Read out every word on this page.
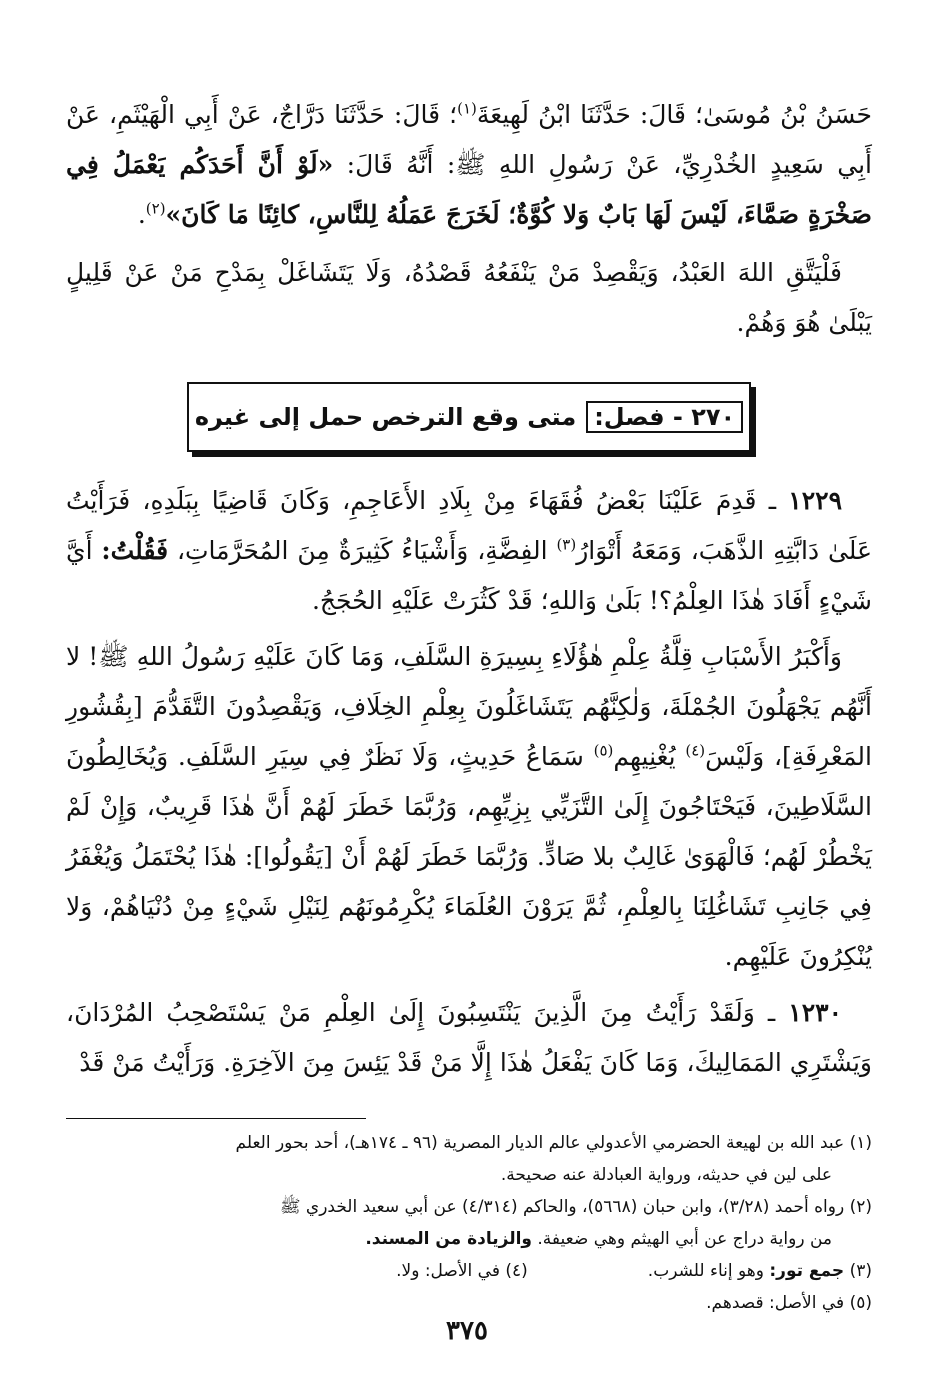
حَسَنُ بْنُ مُوسَىٰ؛ قَالَ: حَدَّثَنَا ابْنُ لَهِيعَةَ$^{(١)}$؛ قَالَ: حَدَّثَنَا دَرَّاجٌ، عَنْ أَبِي الْهَيْثَمِ، عَنْ أَبِي سَعِيدٍ الخُدْرِيِّ، عَنْ رَسُولِ اللهِ ﷺ: أَنَّهُ قَالَ: «لَوْ أَنَّ أَحَدَكُم يَعْمَلُ فِي صَخْرَةٍ صَمَّاءَ، لَيْسَ لَهَا بَابٌ وَلا كُوَّةٌ؛ لَخَرَجَ عَمَلُهُ لِلنَّاسِ، كائِنًا مَا كَانَ»$^{(٢)}$.

فَلْيَتَّقِ اللهَ العَبْدُ، وَيَقْصِدْ مَنْ يَنْفَعُهُ قَصْدُهُ، وَلَا يَتَشَاغَلْ بِمَدْحِ مَنْ عَنْ قَلِيلٍ يَبْلَىٰ هُوَ وَهُمْ.

٢٧٠ - فصل:
متى وقع الترخص حمل إلى غيره

١٢٢٩ ـ قَدِمَ عَلَيْنَا بَعْضُ فُقَهَاءَ مِنْ بِلَادِ الأَعَاجِمِ، وَكَانَ قَاضِيًا بِبَلَدِهِ، فَرَأَيْتُ عَلَىٰ دَابَّتِهِ الذَّهَبَ، وَمَعَهُ أَتْوَارُ$^{(٣)}$ الفِضَّةِ، وَأَشْيَاءُ كَثِيرَةٌ مِنَ المُحَرَّمَاتِ، فَقُلْتُ: أَيَّ شَيْءٍ أَفَادَ هٰذَا العِلْمُ؟! بَلَىٰ وَاللهِ؛ قَدْ كَثُرَتْ عَلَيْهِ الحُجَجُ.

وَأَكْبَرُ الأَسْبَابِ قِلَّةُ عِلْمِ هٰؤُلَاءِ بِسِيرَةِ السَّلَفِ، وَمَا كَانَ عَلَيْهِ رَسُولُ اللهِ ﷺ! لا أَنَّهُم يَجْهَلُونَ الجُمْلَةَ، وَلٰكِنَّهُم يَتَشَاغَلُونَ بِعِلْمِ الخِلَافِ، وَيَقْصِدُونَ التَّقَدُّمَ [بِقُشُورِ المَعْرِفَةِ]، وَلَيْسَ$^{(٤)}$ يُغْنِيهِم$^{(٥)}$ سَمَاعُ حَدِيثٍ، وَلَا نَظَرٌ فِي سِيَرِ السَّلَفِ. وَيُخَالِطُونَ السَّلَاطِينَ، فَيَحْتَاجُونَ إِلَىٰ التَّزَيِّي بِزِيِّهِم، وَرُبَّمَا خَطَرَ لَهُمْ أَنَّ هٰذَا قَرِيبٌ، وَإِنْ لَمْ يَخْطُرْ لَهُم؛ فَالْهَوَىٰ غَالِبٌ بلا صَادٍّ. وَرُبَّمَا خَطَرَ لَهُمْ أَنْ [يَقُولُوا]: هٰذَا يُحْتَمَلُ وَيُغْفَرُ فِي جَانِبِ تَشَاغُلِنَا بِالعِلْمِ، ثُمَّ يَرَوْنَ العُلَمَاءَ يُكْرِمُونَهُم لِنَيْلِ شَيْءٍ مِنْ دُنْيَاهُمْ، وَلا يُنْكِرُونَ عَلَيْهِم.

١٢٣٠ ـ وَلَقَدْ رَأَيْتُ مِنَ الَّذِينَ يَنْتَسِبُونَ إِلَىٰ العِلْمِ مَنْ يَسْتَصْحِبُ المُرْدَانَ، وَيَشْتَرِي المَمَالِيكَ، وَمَا كَانَ يَفْعَلُ هٰذَا إِلَّا مَنْ قَدْ يَئِسَ مِنَ الآخِرَةِ. وَرَأَيْتُ مَنْ قَدْ

(١) عبد الله بن لهيعة الحضرمي الأعدولي عالم الديار المصرية (٩٦ ـ ١٧٤هـ)، أحد بحور العلم

على لين في حديثه، ورواية العبادلة عنه صحيحة.

(٢) رواه أحمد (٣/٢٨)، وابن حبان (٥٦٦٨)، والحاكم (٤/٣١٤) عن أبي سعيد الخدري ﷺ

من رواية دراج عن أبي الهيثم وهي ضعيفة. والزيادة من المسند.

(٣) جمع تور: وهو إناء للشرب.
(٤) في الأصل: ولا.

(٥) في الأصل: قصدهم.

٣٧٥
